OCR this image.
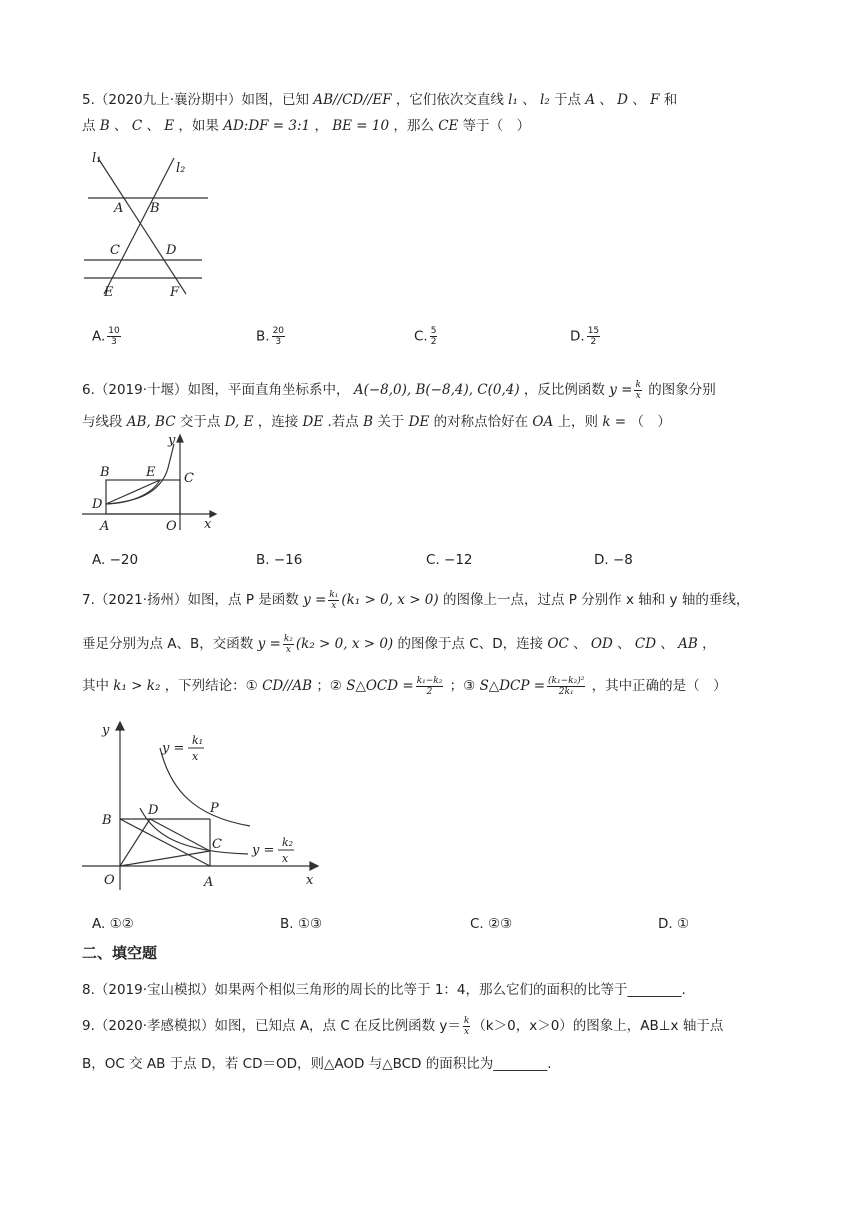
5.（2020九上·襄汾期中）如图，已知 AB//CD//EF ，它们依次交直线 l₁ 、 l₂ 于点 A 、 D 、 F 和
点 B 、 C 、 E ，如果 AD:DF = 3:1 ， BE = 10 ，那么 CE 等于（　）
l₁
l₂
A B
C	D
E	F
A. $\frac{10}{3}$	B. $\frac{20}{3}$	C. $\frac{5}{2}$	D. $\frac{15}{2}$
6.（2019·十堰）如图，平面直角坐标系中， A(−8,0), B(−8,4), C(0,4) ，反比例函数 $y = \frac{k}{x}$ 的图象分别
与线段 AB, BC 交于点 D, E ，连接 DE .若点 B 关于 DE 的对称点恰好在 OA 上，则 k = （　）
y
x
B	E C
D
A	O
A. −20	B. −16	C. −12	D. −8
7.（2021·扬州）如图，点 P 是函数 $y = \frac{\text{k₁}}{x} (k_1 > 0$, x > 0) 的图像上一点，过点 P 分别作 x 轴和 y 轴的垂线，
垂足分别为点 A、B，交函数 $y = \frac{\text{k₂}}{x} (k_2 > 0$, x > 0) 的图像于点 C、D，连接 OC 、 OD 、 CD 、 AB ，
其中 k₁ > k₂ ，下列结论：① CD//AB ；② S△OCD = $\frac{\text{k₁−k₂}}{2}$ ；③ S△DCP = $\frac{\text{(k₁−k₂)²}}{\text{2k₁}}$ ，其中正确的是（　）
y
x
O	A
B
D	P
C
y =
k₁
x
y =
k₂
x
A. ①②	B. ①③	C. ②③	D. ①
二、填空题
8.（2019·宝山模拟）如果两个相似三角形的周长的比等于 1：4，那么它们的面积的比等于________.
9.（2020·孝感模拟）如图，已知点 A，点 C 在反比例函数 $y= \frac{k}{x} (k>0$，x＞0）的图象上，AB⊥x 轴于点
B，OC 交 AB 于点 D，若 CD＝OD，则△AOD 与△BCD 的面积比为________.
